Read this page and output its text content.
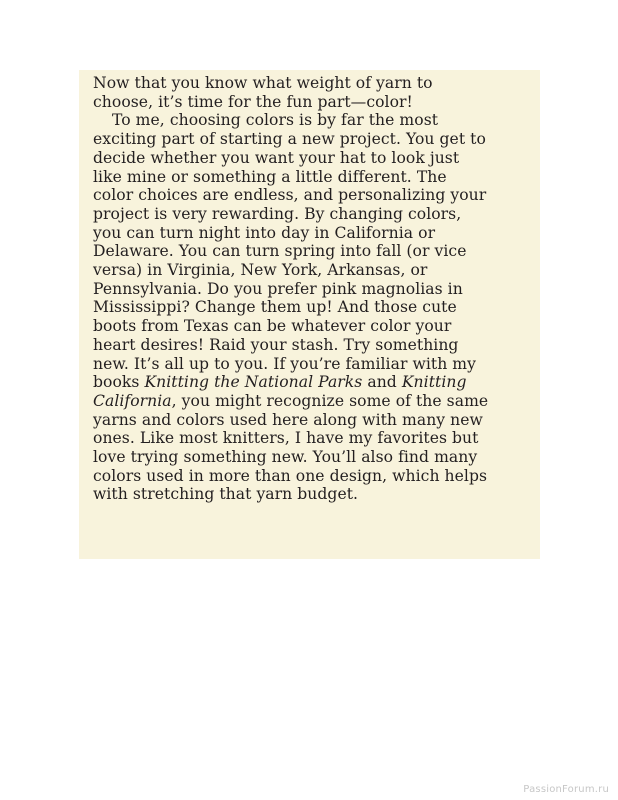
Now that you know what weight of yarn to
choose, it’s time for the fun part—color!
To me, choosing colors is by far the most
exciting part of starting a new project. You get to
decide whether you want your hat to look just
like mine or something a little different. The
color choices are endless, and personalizing your
project is very rewarding. By changing colors,
you can turn night into day in California or
Delaware. You can turn spring into fall (or vice
versa) in Virginia, New York, Arkansas, or
Pennsylvania. Do you prefer pink magnolias in
Mississippi? Change them up! And those cute
boots from Texas can be whatever color your
heart desires! Raid your stash. Try something
new. It’s all up to you. If you’re familiar with my
books Knitting the National Parks and Knitting
California, you might recognize some of the same
yarns and colors used here along with many new
ones. Like most knitters, I have my favorites but
love trying something new. You’ll also find many
colors used in more than one design, which helps
with stretching that yarn budget.
PassionForum.ru
